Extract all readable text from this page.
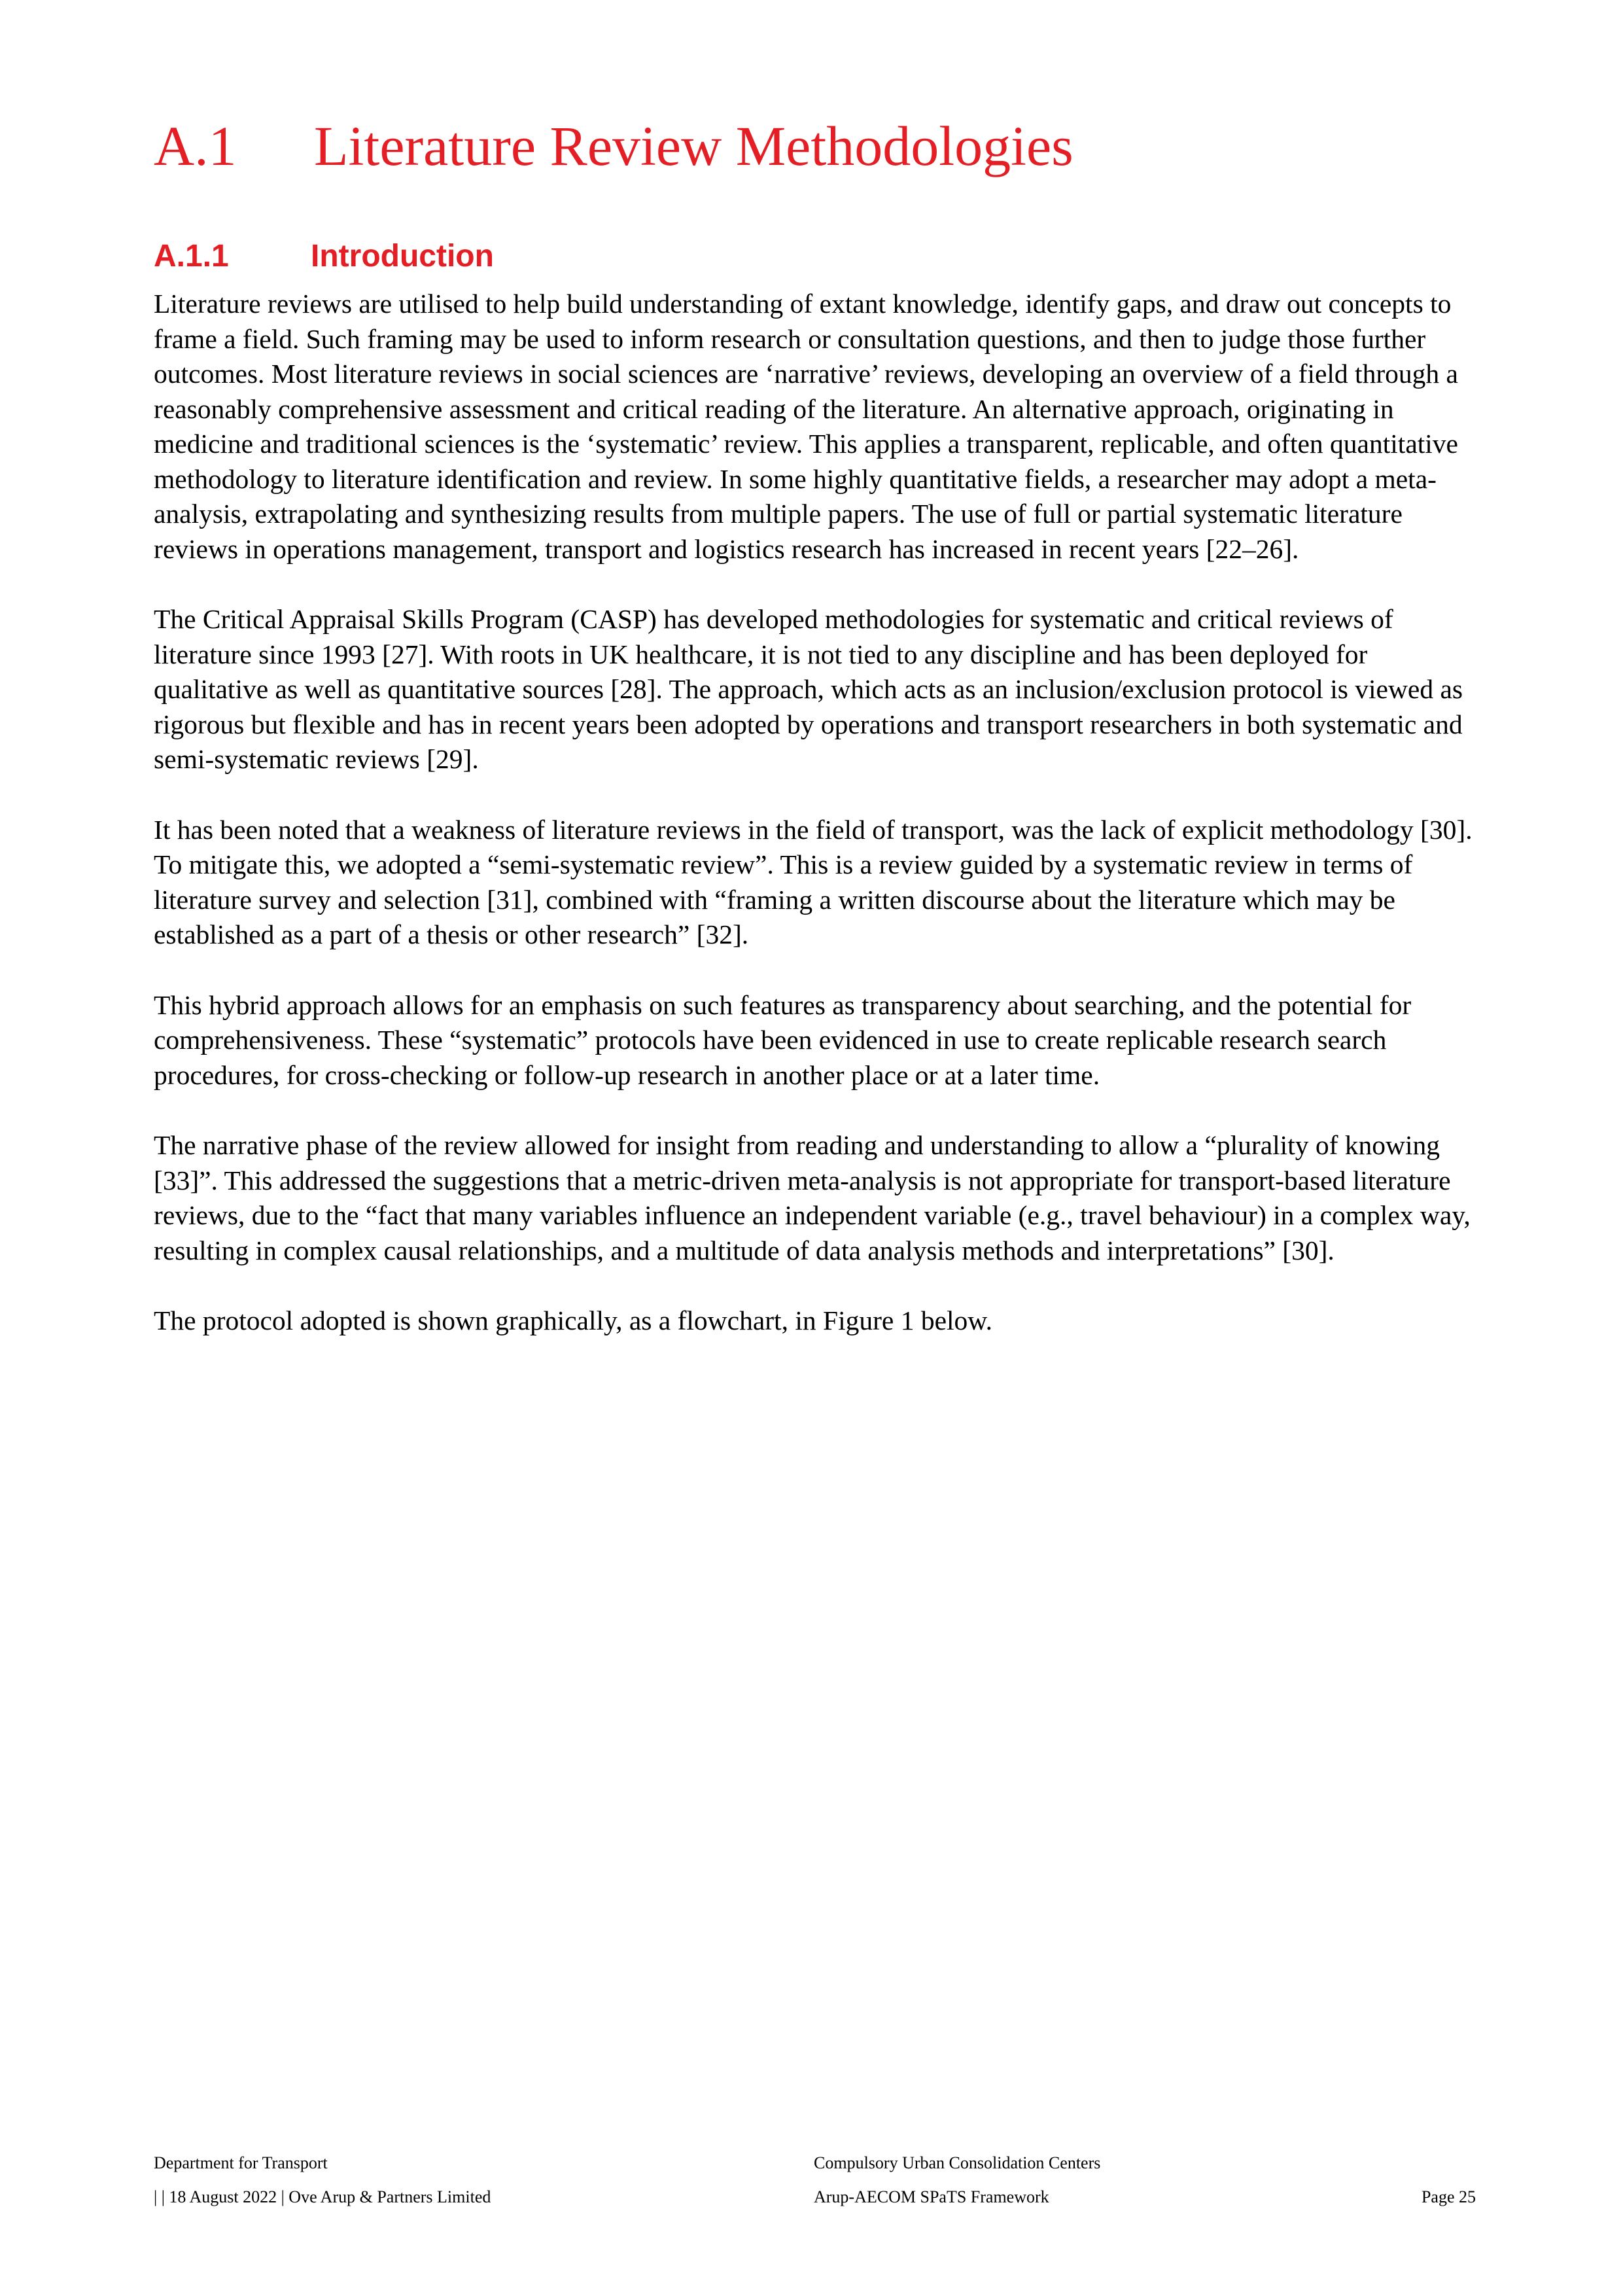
A.1 Literature Review Methodologies
A.1.1	Introduction

Literature reviews are utilised to help build understanding of extant knowledge, identify gaps, and draw out concepts to frame a field. Such framing may be used to inform research or consultation questions, and then to judge those further outcomes. Most literature reviews in social sciences are ‘narrative’ reviews, developing an overview of a field through a reasonably comprehensive assessment and critical reading of the literature. An alternative approach, originating in medicine and traditional sciences is the ‘systematic’ review. This applies a transparent, replicable, and often quantitative methodology to literature identification and review. In some highly quantitative fields, a researcher may adopt a meta-analysis, extrapolating and synthesizing results from multiple papers. The use of full or partial systematic literature reviews in operations management, transport and logistics research has increased in recent years [22–26].

The Critical Appraisal Skills Program (CASP) has developed methodologies for systematic and critical reviews of literature since 1993 [27]. With roots in UK healthcare, it is not tied to any discipline and has been deployed for qualitative as well as quantitative sources [28]. The approach, which acts as an inclusion/exclusion protocol is viewed as rigorous but flexible and has in recent years been adopted by operations and transport researchers in both systematic and semi-systematic reviews [29].

It has been noted that a weakness of literature reviews in the field of transport, was the lack of explicit methodology [30]. To mitigate this, we adopted a “semi-systematic review”. This is a review guided by a systematic review in terms of literature survey and selection [31], combined with “framing a written discourse about the literature which may be established as a part of a thesis or other research” [32].

This hybrid approach allows for an emphasis on such features as transparency about searching, and the potential for comprehensiveness. These “systematic” protocols have been evidenced in use to create replicable research search procedures, for cross-checking or follow-up research in another place or at a later time.

The narrative phase of the review allowed for insight from reading and understanding to allow a “plurality of knowing [33]”. This addressed the suggestions that a metric-driven meta-analysis is not appropriate for transport-based literature reviews, due to the “fact that many variables influence an independent variable (e.g., travel behaviour) in a complex way, resulting in complex causal relationships, and a multitude of data analysis methods and interpretations” [30].

The protocol adopted is shown graphically, as a flowchart, in Figure 1 below.

Department for Transport
| | 18 August 2022 | Ove Arup & Partners Limited
Compulsory Urban Consolidation Centers
Arup-AECOM SPaTS Framework	Page 25
